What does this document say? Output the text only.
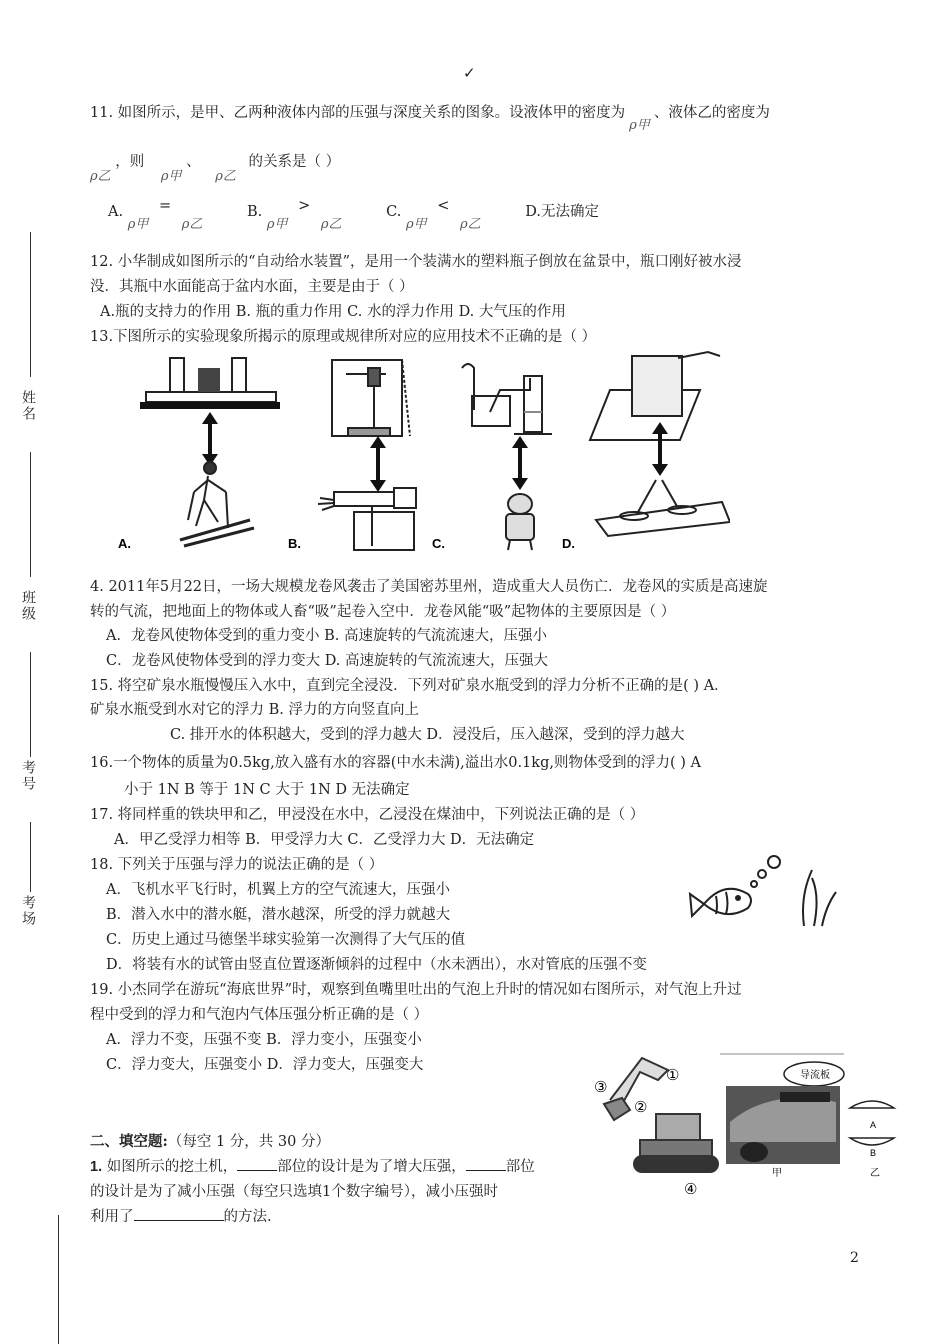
✓
姓名
班级
考号
考场
11. 如图所示，是甲、乙两种液体内部的压强与深度关系的图象。设液体甲的密度为ρ甲、液体乙的密度为
ρ乙 ，则 ρ甲 、 ρ乙 的关系是（ ）
A. ρ甲 = ρ乙 B. ρ甲 > ρ乙 C. ρ甲 < ρ乙 D.无法确定
12. 小华制成如图所示的“自动给水装置”，是用一个装满水的塑料瓶子倒放在盆景中，瓶口刚好被水浸
没．其瓶中水面能高于盆内水面，主要是由于（ ）
A.瓶的支持力的作用 B. 瓶的重力作用 C. 水的浮力作用 D. 大气压的作用
13.下图所示的实验现象所揭示的原理或规律所对应的应用技术不正确的是（ ）
A.	B.	C.	D.
4. 2011年5月22日，一场大规模龙卷风袭击了美国密苏里州，造成重大人员伤亡．龙卷风的实质是高速旋
转的气流，把地面上的物体或人畜“吸”起卷入空中．龙卷风能“吸”起物体的主要原因是（ ）
A．龙卷风使物体受到的重力变小 B. 高速旋转的气流流速大，压强小
C．龙卷风使物体受到的浮力变大 D. 高速旋转的气流流速大，压强大
15. 将空矿泉水瓶慢慢压入水中，直到完全浸没．下列对矿泉水瓶受到的浮力分析不正确的是( ) A．
矿泉水瓶受到水对它的浮力 B. 浮力的方向竖直向上
C. 排开水的体积越大，受到的浮力越大 D．浸没后，压入越深，受到的浮力越大
16.一个物体的质量为0.5kg,放入盛有水的容器(中水未满),溢出水0.1kg,则物体受到的浮力( ) A
小于 1N B 等于 1N C 大于 1N D 无法确定
17. 将同样重的铁块甲和乙，甲浸没在水中，乙浸没在煤油中，下列说法正确的是（ ）
A．甲乙受浮力相等 B．甲受浮力大 C．乙受浮力大 D．无法确定
18. 下列关于压强与浮力的说法正确的是（ ）
A．飞机水平飞行时，机翼上方的空气流速大，压强小
B．潜入水中的潜水艇，潜水越深，所受的浮力就越大
C．历史上通过马德堡半球实验第一次测得了大气压的值
D．将装有水的试管由竖直位置逐渐倾斜的过程中（水未洒出），水对管底的压强不变
19. 小杰同学在游玩“海底世界”时，观察到鱼嘴里吐出的气泡上升时的情况如右图所示，对气泡上升过
程中受到的浮力和气泡内气体压强分析正确的是（ ）
A．浮力不变，压强不变 B．浮力变小，压强变小
C．浮力变大，压强变小 D．浮力变大，压强变大
①
②
③
④
导流板
甲
A
B
乙
二、填空题:（每空 1 分，共 30 分）
1. 如图所示的挖土机，	部位的设计是为了增大压强，	部位
的设计是为了减小压强（每空只选填1个数字编号），减小压强时
利用了	的方法.
2
